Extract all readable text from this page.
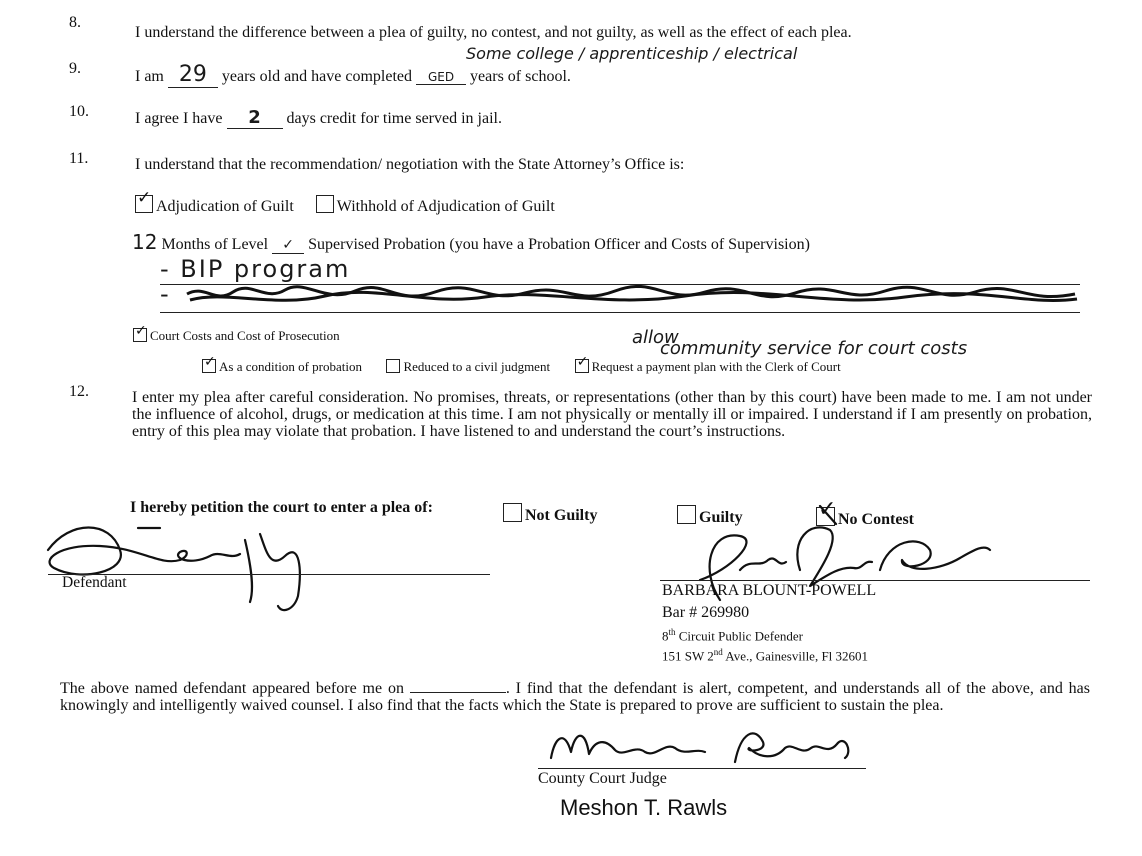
8.
I understand the difference between a plea of guilty, no contest, and not guilty, as well as the effect of each plea.
9.	I am 29 years old and have completed GED years of school.
Some college / apprenticeship / electrical
10.	I agree I have 2 days credit for time served in jail.
11.	I understand that the recommendation/ negotiation with the State Attorney’s Office is:
✓ Adjudication of Guilt	Withhold of Adjudication of Guilt
12 Months of Level ✓ Supervised Probation (you have a Probation Officer and Costs of Supervision)
- BIP program
-
✓ Court Costs and Cost of Prosecution	allow
community service for court costs
✓ As a condition of probation	Reduced to a civil judgment ✓ Request a payment plan with the Clerk of Court
12.	I enter my plea after careful consideration. No promises, threats, or representations (other than by this court) have been made to me. I am not under the influence of alcohol, drugs, or medication at this time. I am not physically or mentally ill or impaired. I understand if I am presently on probation, entry of this plea may violate that probation. I have listened to and understand the court’s instructions.
I hereby petition the court to enter a plea of:	Not Guilty	Guilty	✓ No Contest
Defendant	BARBARA BLOUNT-POWELL
Bar # 269980
8th Circuit Public Defender
151 SW 2nd Ave., Gainesville, Fl 32601
The above named defendant appeared before me on	. I find that the defendant is alert, competent, and understands all of the above, and has knowingly and intelligently waived counsel. I also find that the facts which the State is prepared to prove are sufficient to sustain the plea.
County Court Judge
Meshon T. Rawls
